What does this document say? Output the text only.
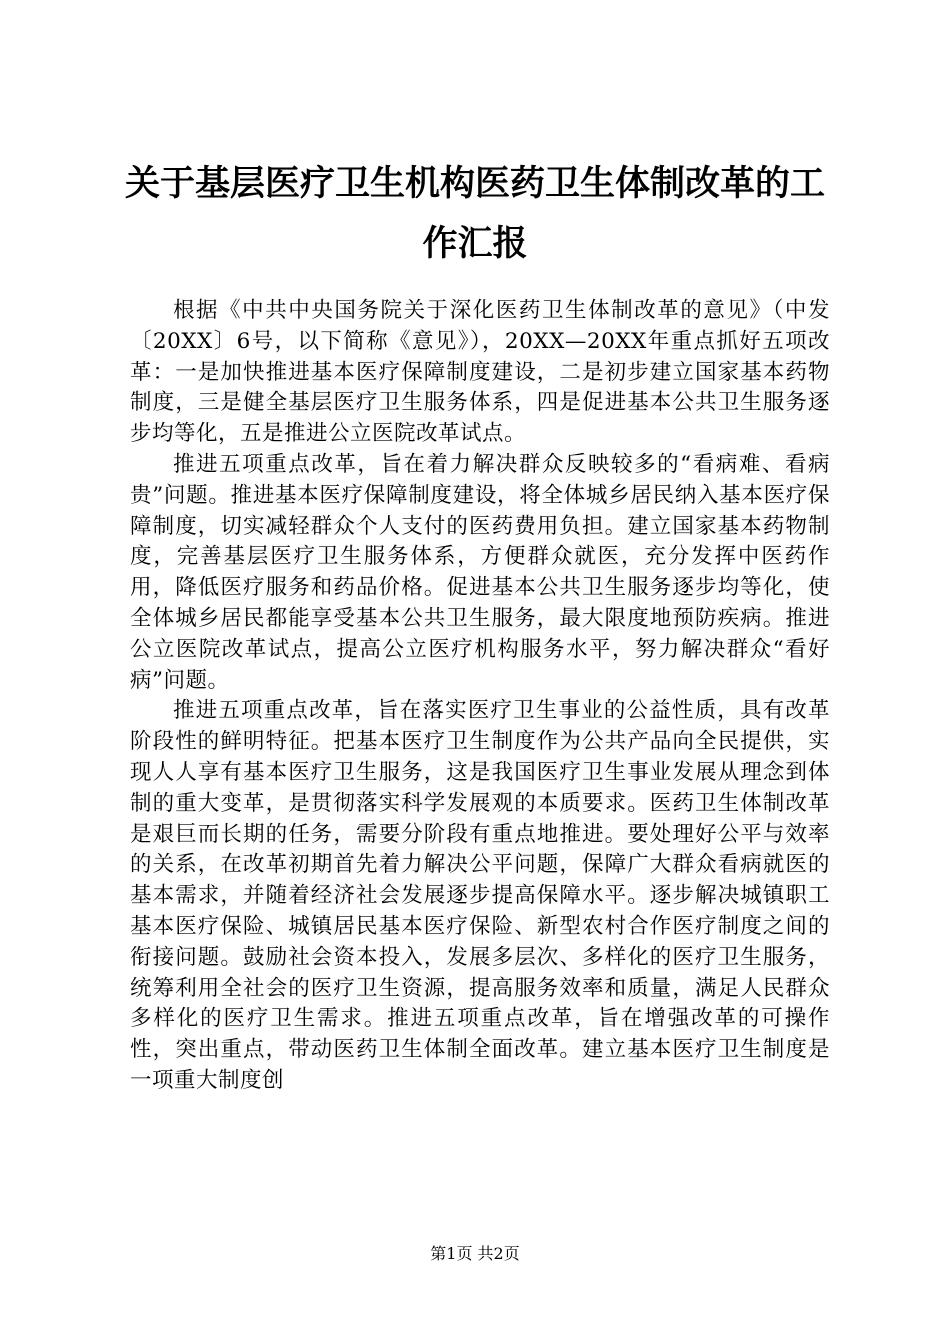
关于基层医疗卫生机构医药卫生体制改革的工
作汇报

根据《中共中央国务院关于深化医药卫生体制改革的意见》（中发〔20XX〕6号，以下简称《意见》），20XX—20XX年重点抓好五项改革：一是加快推进基本医疗保障制度建设，二是初步建立国家基本药物制度，三是健全基层医疗卫生服务体系，四是促进基本公共卫生服务逐步均等化，五是推进公立医院改革试点。

推进五项重点改革，旨在着力解决群众反映较多的“看病难、看病贵”问题。推进基本医疗保障制度建设，将全体城乡居民纳入基本医疗保障制度，切实减轻群众个人支付的医药费用负担。建立国家基本药物制度，完善基层医疗卫生服务体系，方便群众就医，充分发挥中医药作用，降低医疗服务和药品价格。促进基本公共卫生服务逐步均等化，使全体城乡居民都能享受基本公共卫生服务，最大限度地预防疾病。推进公立医院改革试点，提高公立医疗机构服务水平，努力解决群众“看好病”问题。

推进五项重点改革，旨在落实医疗卫生事业的公益性质，具有改革阶段性的鲜明特征。把基本医疗卫生制度作为公共产品向全民提供，实现人人享有基本医疗卫生服务，这是我国医疗卫生事业发展从理念到体制的重大变革，是贯彻落实科学发展观的本质要求。医药卫生体制改革是艰巨而长期的任务，需要分阶段有重点地推进。要处理好公平与效率的关系，在改革初期首先着力解决公平问题，保障广大群众看病就医的基本需求，并随着经济社会发展逐步提高保障水平。逐步解决城镇职工基本医疗保险、城镇居民基本医疗保险、新型农村合作医疗制度之间的衔接问题。鼓励社会资本投入，发展多层次、多样化的医疗卫生服务，统筹利用全社会的医疗卫生资源，提高服务效率和质量，满足人民群众多样化的医疗卫生需求。推进五项重点改革，旨在增强改革的可操作性，突出重点，带动医药卫生体制全面改革。建立基本医疗卫生制度是一项重大制度创

第1页 共2页
